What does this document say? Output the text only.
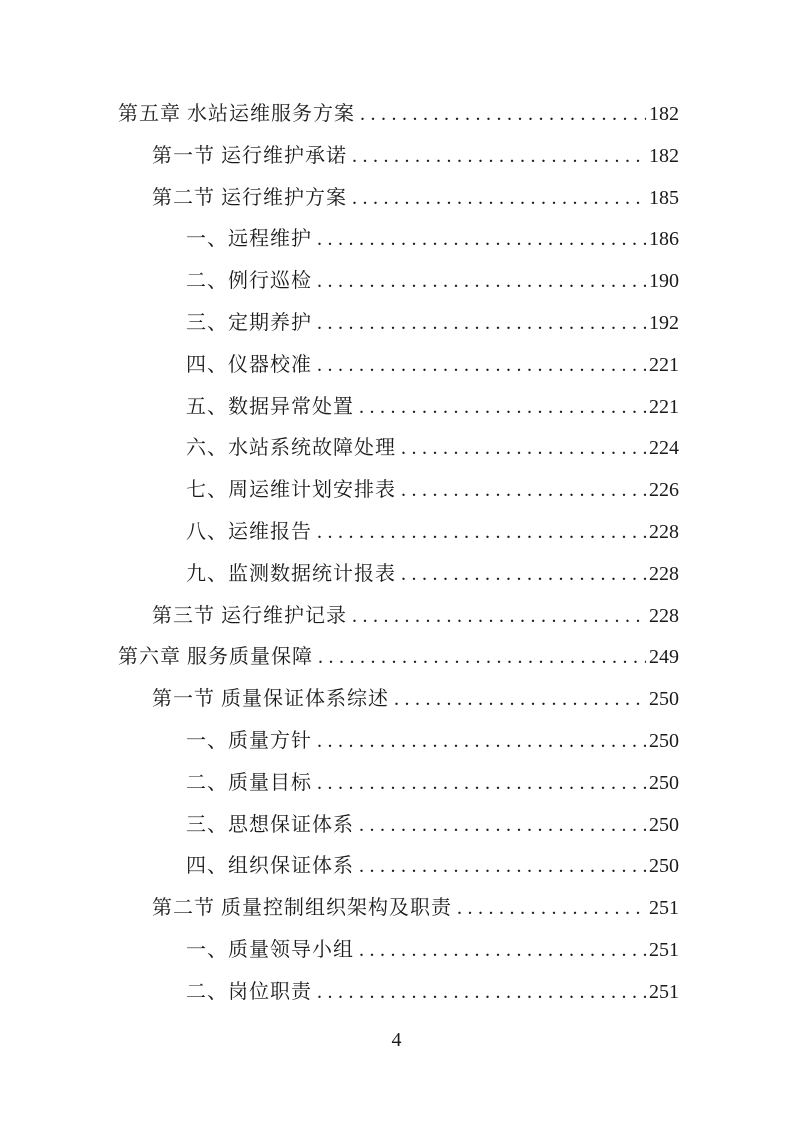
第五章 水站运维服务方案 .....	182
第一节 运行维护承诺 .....	182
第二节 运行维护方案 .....	185
一、远程维护 .....	186
二、例行巡检 .....	190
三、定期养护 .....	192
四、仪器校准 .....	221
五、数据异常处置 .....	221
六、水站系统故障处理 .....	224
七、周运维计划安排表 .....	226
八、运维报告 .....	228
九、监测数据统计报表 .....	228
第三节 运行维护记录 .....	228
第六章 服务质量保障 .....	249
第一节 质量保证体系综述 .....	250
一、质量方针 .....	250
二、质量目标 .....	250
三、思想保证体系 .....	250
四、组织保证体系 .....	250
第二节 质量控制组织架构及职责 .....	251
一、质量领导小组 .....	251
二、岗位职责 .....	251
4
